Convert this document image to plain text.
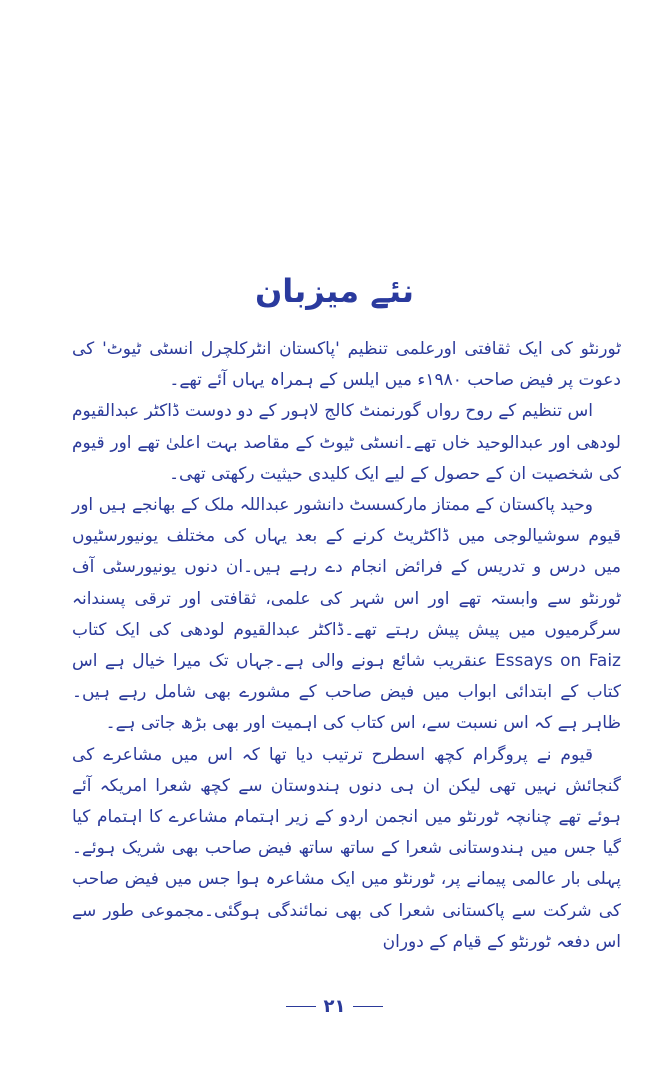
نئے میزبان

ٹورنٹو کی ایک ثقافتی اورعلمی تنظیم 'پاکستان انٹرکلچرل انسٹی ٹیوٹ' کی دعوت پر فیض صاحب ۱۹۸۰ء میں ایلس کے ہمراہ یہاں آئے تھے۔

اس تنظیم کے روح رواں گورنمنٹ کالج لاہور کے دو دوست ڈاکٹر عبدالقیوم لودھی اور عبدالوحید خاں تھے۔انسٹی ٹیوٹ کے مقاصد بہت اعلیٰ تھے اور قیوم کی شخصیت ان کے حصول کے لیے ایک کلیدی حیثیت رکھتی تھی۔

وحید پاکستان کے ممتاز مارکسسٹ دانشور عبداللہ ملک کے بھانجے ہیں اور قیوم سوشیالوجی میں ڈاکٹریٹ کرنے کے بعد یہاں کی مختلف یونیورسٹیوں میں درس و تدریس کے فرائض انجام دے رہے ہیں۔ان دنوں یونیورسٹی آف ٹورنٹو سے وابستہ تھے اور اس شہر کی علمی، ثقافتی اور ترقی پسندانہ سرگرمیوں میں پیش پیش رہتے تھے۔ڈاکٹر عبدالقیوم لودھی کی ایک کتاب Essays on Faiz عنقریب شائع ہونے والی ہے۔جہاں تک میرا خیال ہے اس کتاب کے ابتدائی ابواب میں فیض صاحب کے مشورے بھی شامل رہے ہیں۔ظاہر ہے کہ اس نسبت سے، اس کتاب کی اہمیت اور بھی بڑھ جاتی ہے۔

قیوم نے پروگرام کچھ اسطرح ترتیب دیا تھا کہ اس میں مشاعرے کی گنجائش نہیں تھی لیکن ان ہی دنوں ہندوستان سے کچھ شعرا امریکہ آئے ہوئے تھے چنانچہ ٹورنٹو میں انجمن اردو کے زیر اہتمام مشاعرے کا اہتمام کیا گیا جس میں ہندوستانی شعرا کے ساتھ ساتھ فیض صاحب بھی شریک ہوئے۔پہلی بار عالمی پیمانے پر، ٹورنٹو میں ایک مشاعرہ ہوا جس میں فیض صاحب کی شرکت سے پاکستانی شعرا کی بھی نمائندگی ہوگئی۔مجموعی طور سے اس دفعہ ٹورنٹو کے قیام کے دوران

۲۱
